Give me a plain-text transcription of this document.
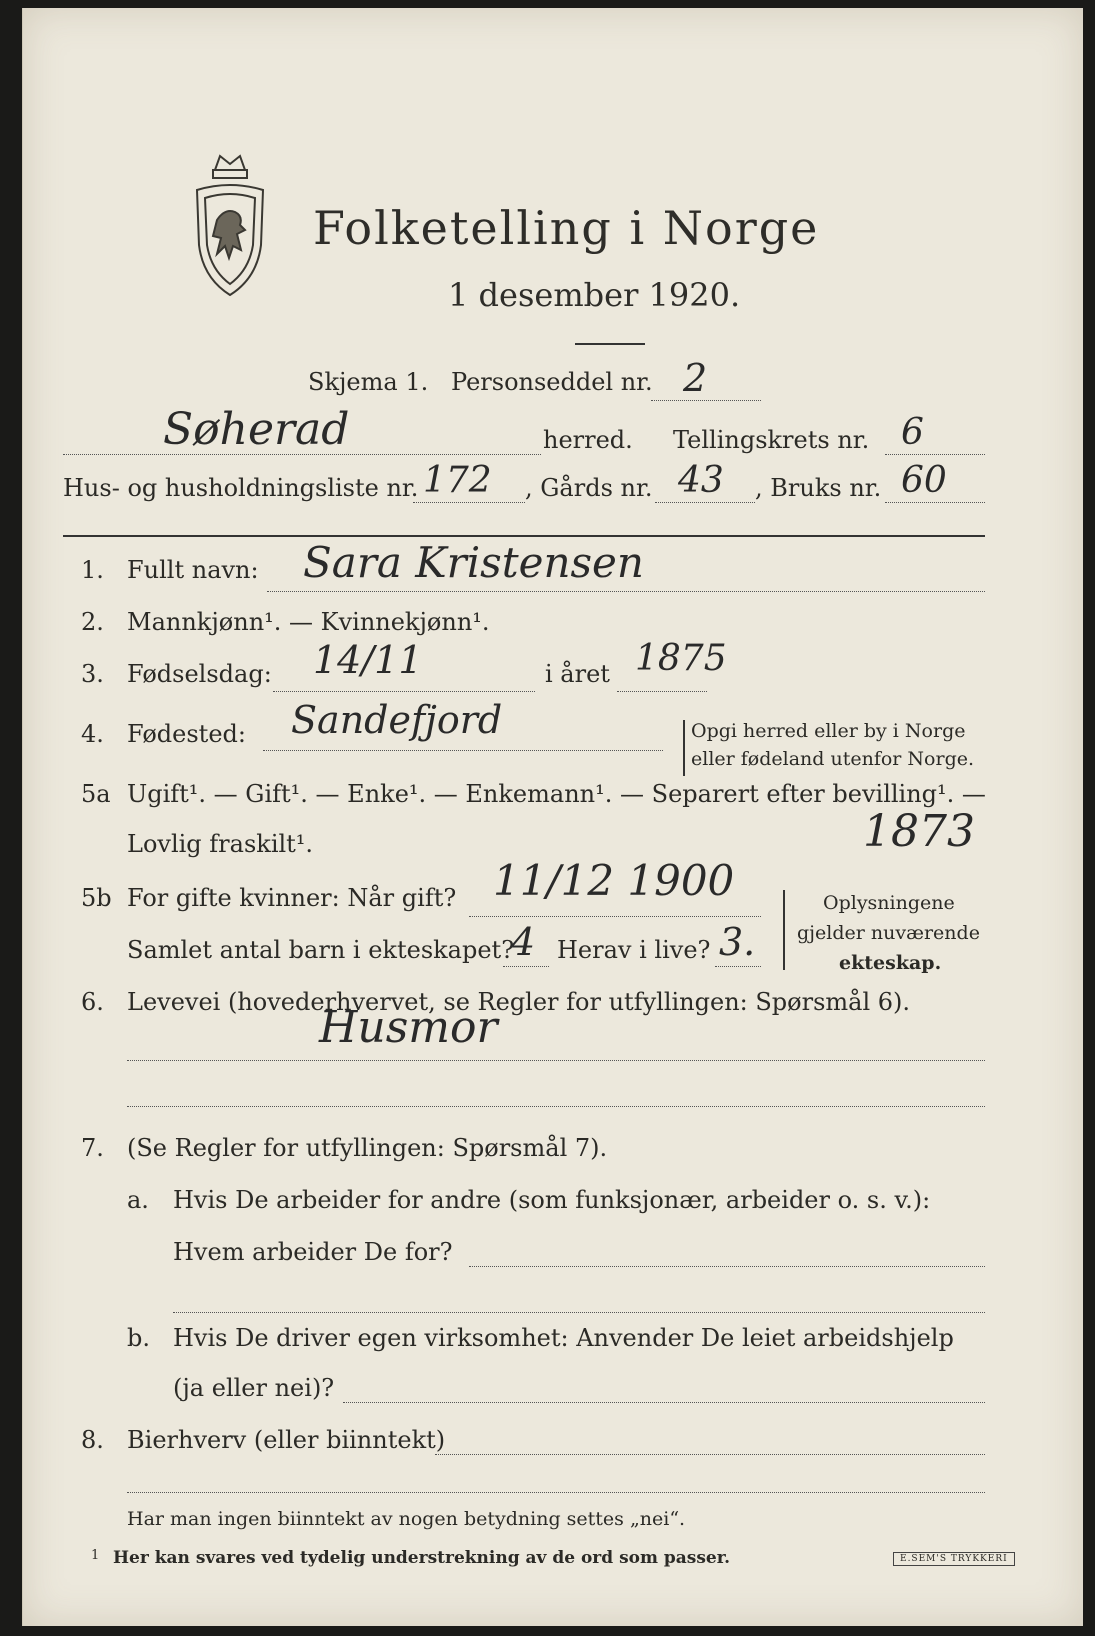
Folketelling i Norge
1 desember 1920.
Skjema 1. Personseddel nr. 2
Søherad	herred. Tellingskrets nr. 6
Hus- og husholdningsliste nr. 172 , Gårds nr. 43 , Bruks nr. 60
1. Fullt navn: Sara Kristensen
2. Mannkjønn¹. — Kvinnekjønn¹.
3. Fødselsdag: 14/11	i året 1875
4. Fødested: Sandefjord	Opgi herred eller by i Norge
eller fødeland utenfor Norge.
5a Ugift¹. — Gift¹. — Enke¹. — Enkemann¹. — Separert efter bevilling¹. —
Lovlig fraskilt¹.	1873
5b For gifte kvinner: Når gift? 11/12 1900
Samlet antal barn i ekteskapet?
4 Herav i live? 3.
Oplysningene
gjelder nuværende
ekteskap.
6. Levevei (hovederhvervet, se Regler for utfyllingen: Spørsmål 6).
Husmor
7. (Se Regler for utfyllingen: Spørsmål 7).
a. Hvis De arbeider for andre (som funksjonær, arbeider o. s. v.):
Hvem arbeider De for?
b. Hvis De driver egen virksomhet: Anvender De leiet arbeidshjelp
(ja eller nei)?
8. Bierhverv (eller biinntekt)
Har man ingen biinntekt av nogen betydning settes „nei“.
1 Her kan svares ved tydelig understrekning av de ord som passer.	E.SEM'S TRYKKERI
